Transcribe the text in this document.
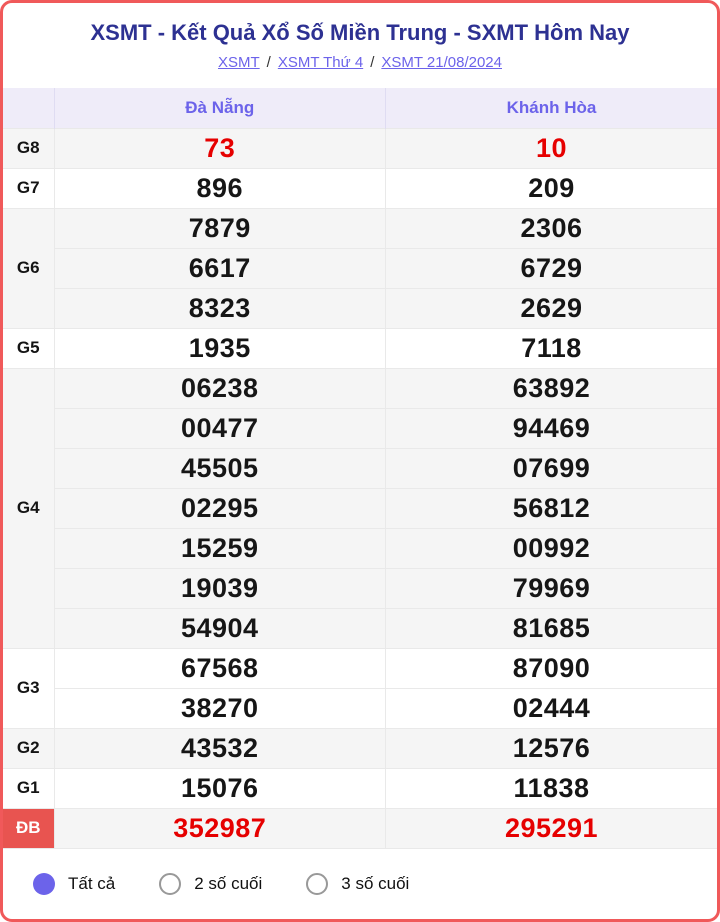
XSMT - Kết Quả Xổ Số Miền Trung - SXMT Hôm Nay
XSMT / XSMT Thứ 4 / XSMT 21/08/2024
	Đà Nẵng	Khánh Hòa
G8	73	10
G7	896	209
G6	7879	2306
	6617	6729
	8323	2629
G5	1935	7118
G4	06238	63892
	00477	94469
	45505	07699
	02295	56812
	15259	00992
	19039	79969
	54904	81685
G3	67568	87090
	38270	02444
G2	43532	12576
G1	15076	11838
ĐB	352987	295291
Tất cả	2 số cuối	3 số cuối
